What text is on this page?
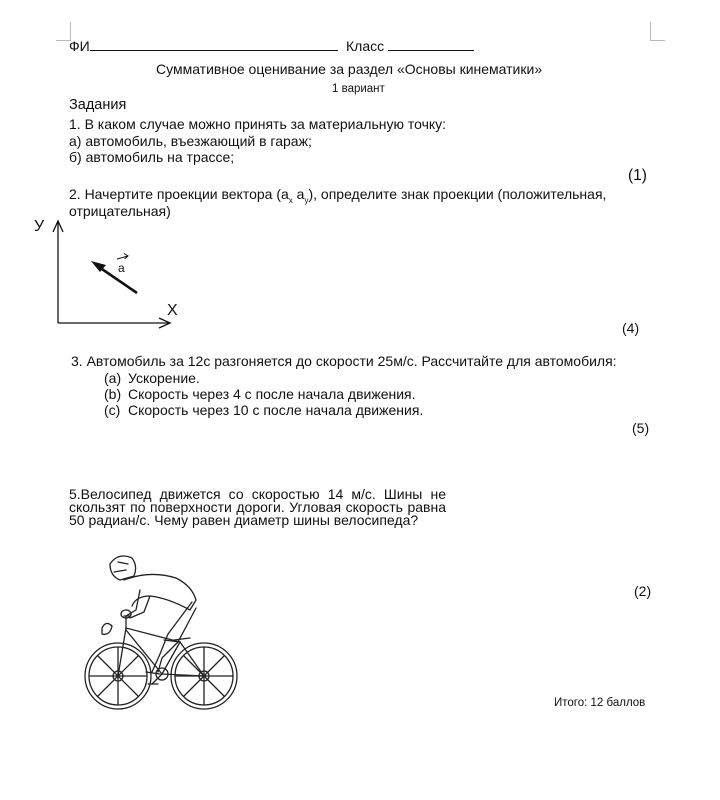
ФИ	Класс
Суммативное оценивание за раздел «Основы кинематики»
1 вариант
Задания
1. В каком случае можно принять за материальную точку:
а) автомобиль, въезжающий в гараж;
б) автомобиль на трассе;
(1)
2. Начертите проекции вектора ($a_x$ $a_y$), определите знак проекции (положительная,
отрицательная)
У
a
Х
(4)
3. Автомобиль за 12с разгоняется до скорости 25м/с. Рассчитайте для автомобиля:
(a) Ускорение.
(b) Скорость через 4 с после начала движения.
(c) Скорость через 10 с после начала движения.
(5)
5.Велосипед движется со скоростью 14 м/с. Шины не скользят по поверхности дороги. Угловая скорость равна 50 радиан/с. Чему равен диаметр шины велосипеда?
(2)
Итого: 12 баллов
